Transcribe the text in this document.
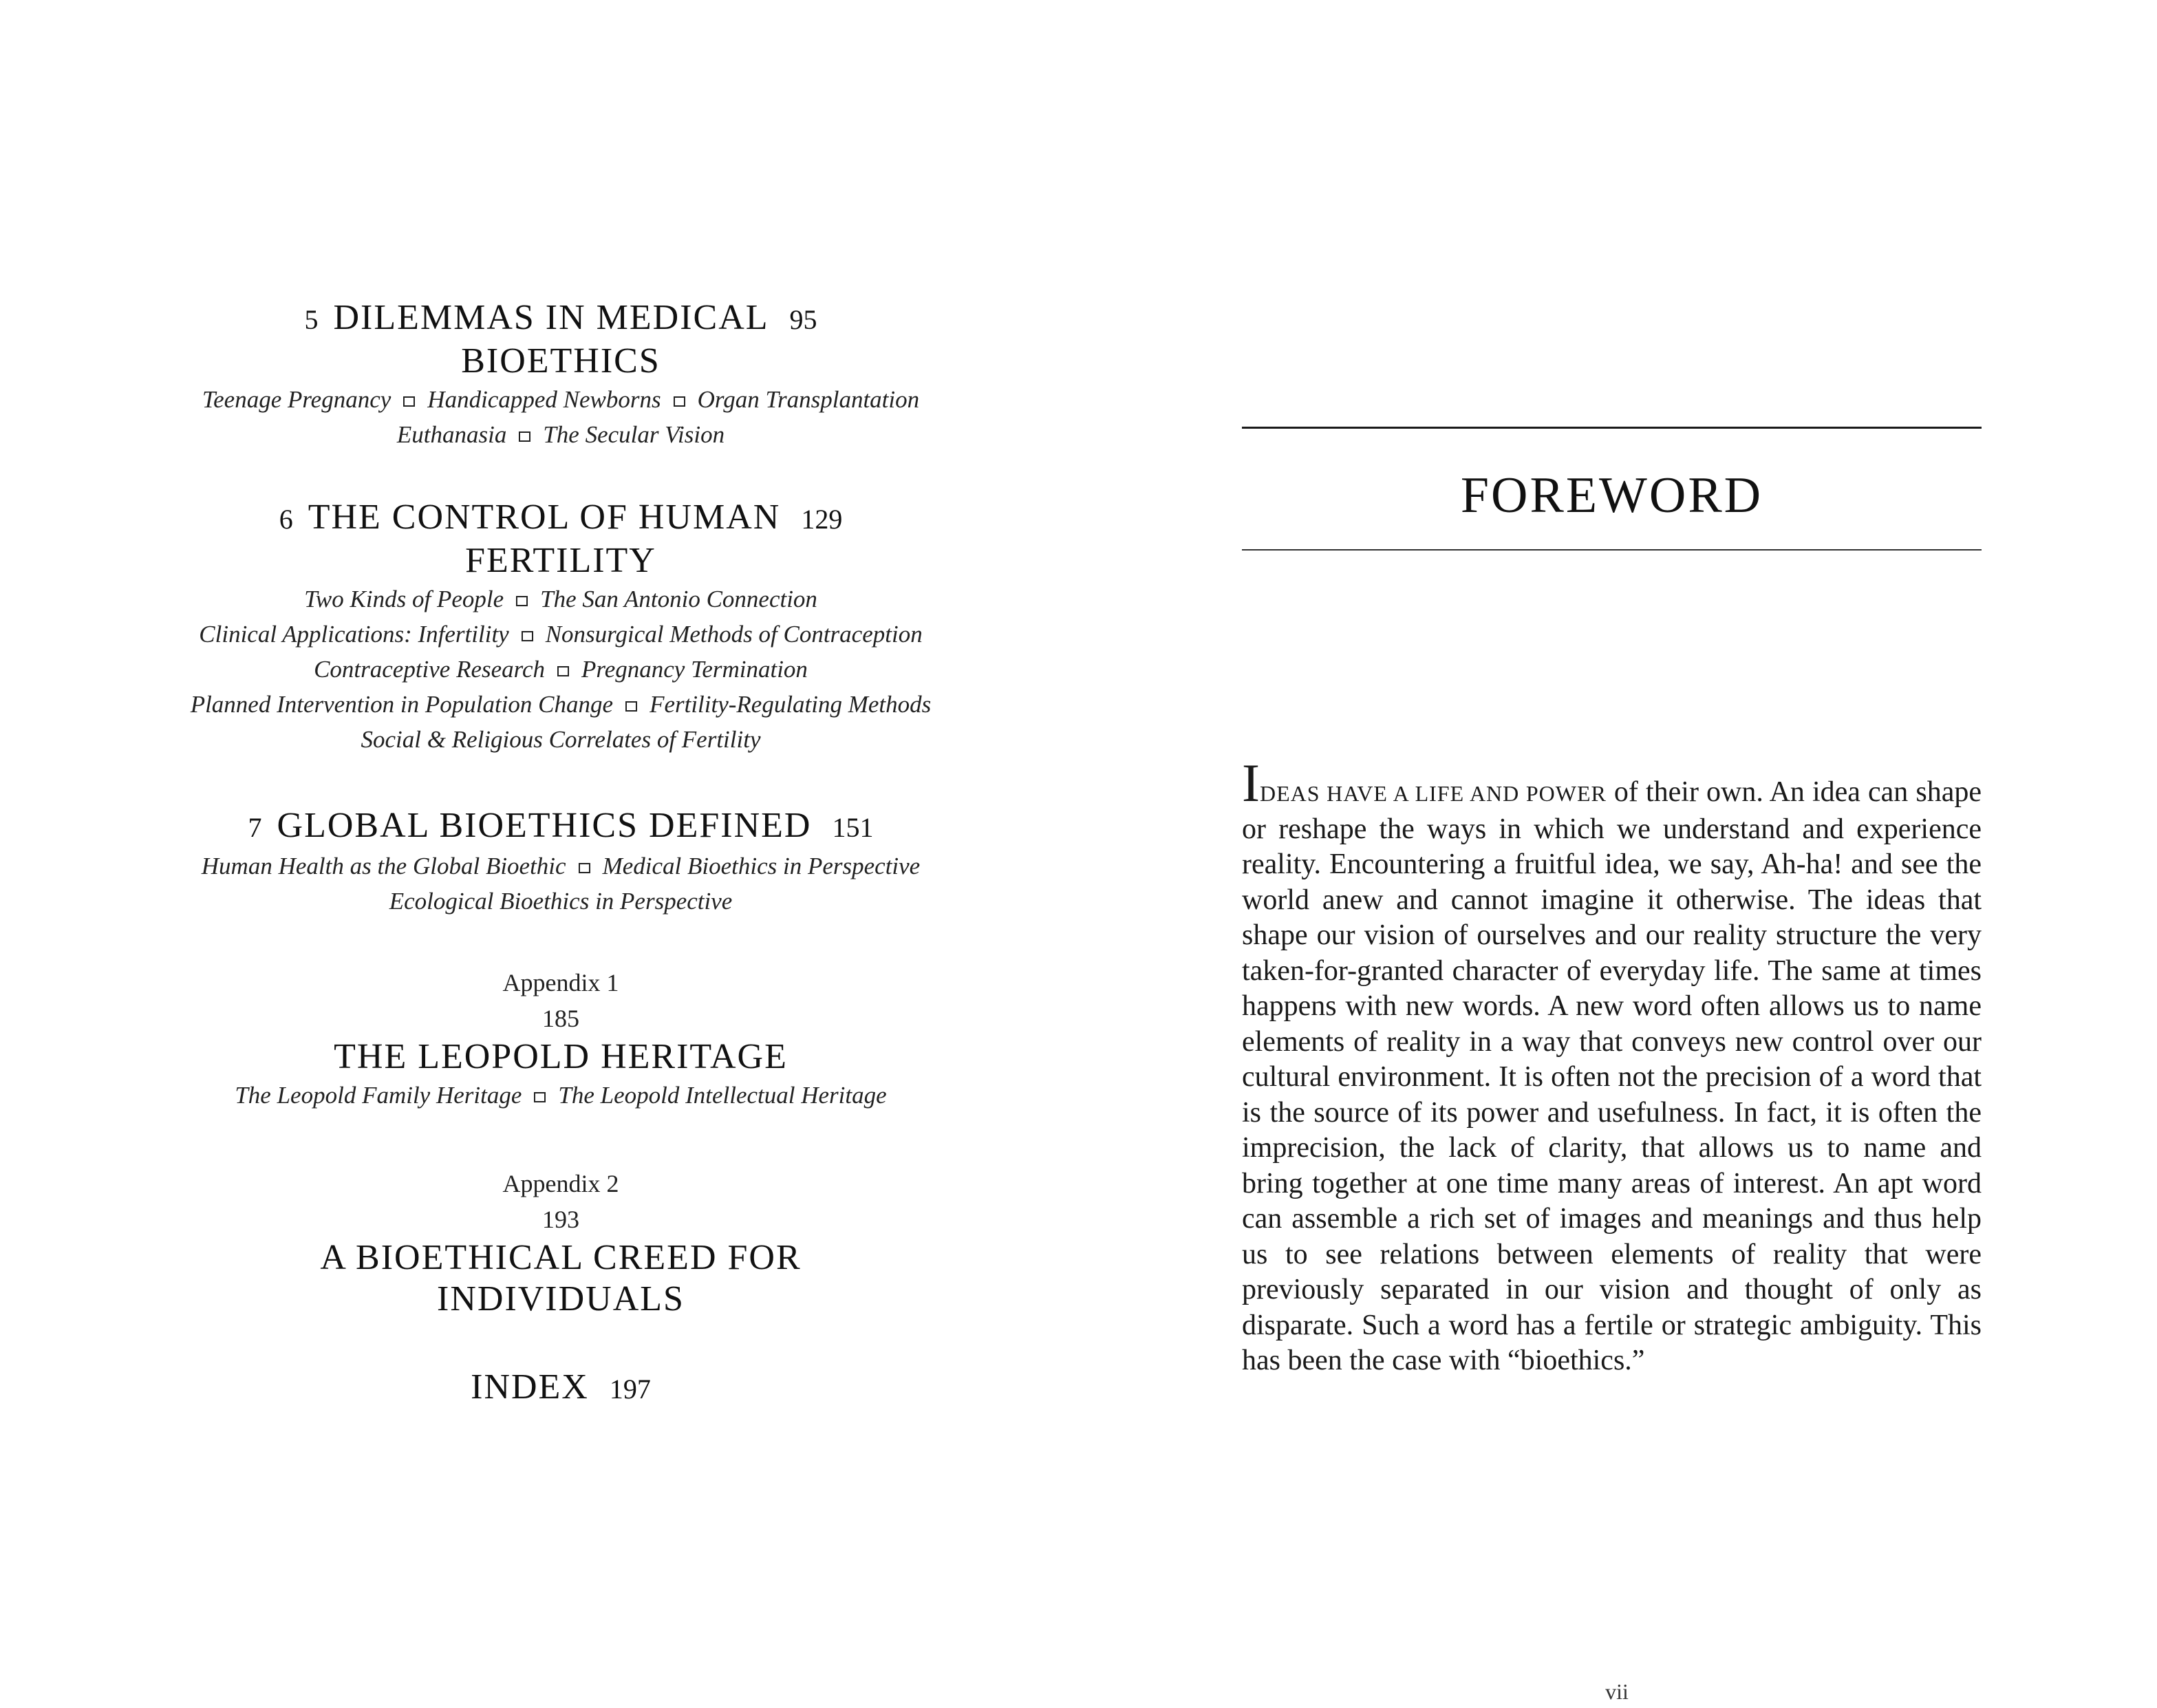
5 DILEMMAS IN MEDICAL 95
BIOETHICS
Teenage Pregnancy Handicapped Newborns Organ Transplantation
Euthanasia The Secular Vision
6 THE CONTROL OF HUMAN 129
FERTILITY
Two Kinds of People The San Antonio Connection
Clinical Applications: Infertility Nonsurgical Methods of Contraception
Contraceptive Research Pregnancy Termination
Planned Intervention in Population Change Fertility-Regulating Methods
Social & Religious Correlates of Fertility
7 GLOBAL BIOETHICS DEFINED 151
Human Health as the Global Bioethic Medical Bioethics in Perspective
Ecological Bioethics in Perspective
Appendix 1
185
THE LEOPOLD HERITAGE
The Leopold Family Heritage The Leopold Intellectual Heritage
Appendix 2
193
A BIOETHICAL CREED FOR
INDIVIDUALS
INDEX 197
FOREWORD
IDEAS HAVE A LIFE AND POWER of their own. An idea can shape or reshape the ways in which we understand and experience reality. Encountering a fruitful idea, we say, Ah-ha! and see the world anew and cannot imagine it otherwise. The ideas that shape our vision of ourselves and our reality structure the very taken-for-granted character of everyday life. The same at times happens with new words. A new word often allows us to name elements of reality in a way that conveys new control over our cultural environment. It is often not the precision of a word that is the source of its power and usefulness. In fact, it is often the imprecision, the lack of clarity, that allows us to name and bring together at one time many areas of interest. An apt word can assemble a rich set of images and meanings and thus help us to see relations between elements of reality that were previously separated in our vision and thought of only as disparate. Such a word has a fertile or strategic ambiguity. This has been the case with “bioethics.”
vii
